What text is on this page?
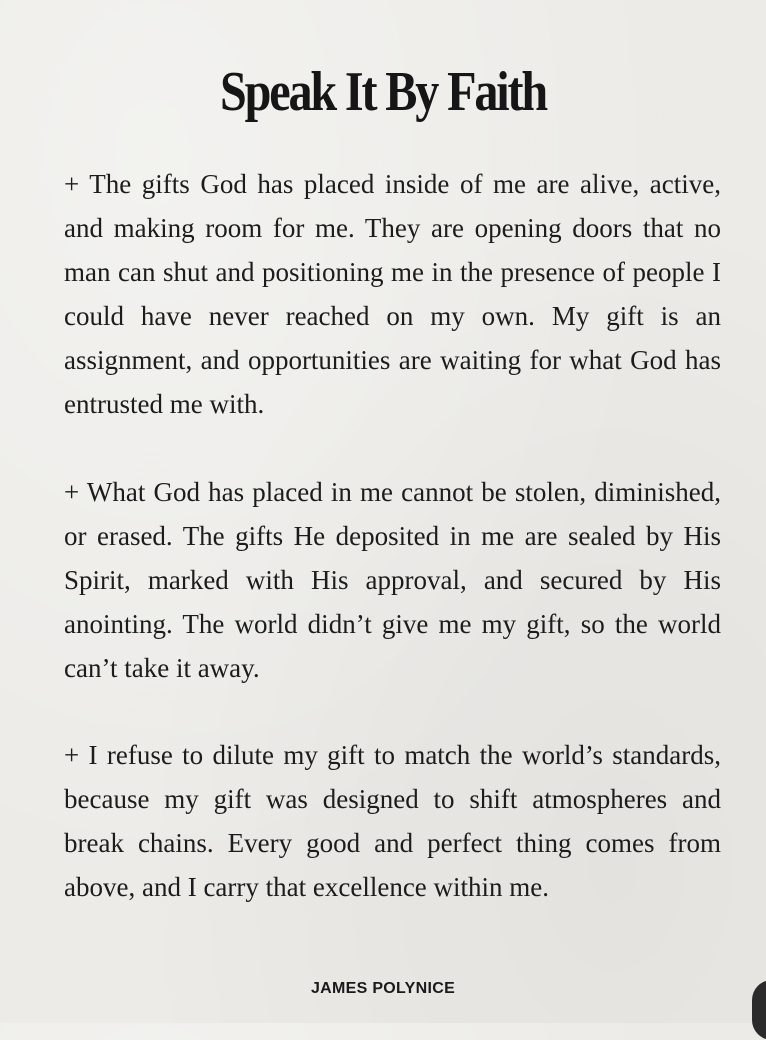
Speak It By Faith

+ The gifts God has placed inside of me are alive, active, and making room for me. They are opening doors that no man can shut and positioning me in the presence of people I could have never reached on my own. My gift is an assignment, and opportunities are waiting for what God has entrusted me with.

+ What God has placed in me cannot be stolen, diminished, or erased. The gifts He deposited in me are sealed by His Spirit, marked with His approval, and secured by His anointing. The world didn’t give me my gift, so the world can’t take it away.

+ I refuse to dilute my gift to match the world’s standards, because my gift was designed to shift atmospheres and break chains. Every good and perfect thing comes from above, and I carry that excellence within me.

JAMES POLYNICE
